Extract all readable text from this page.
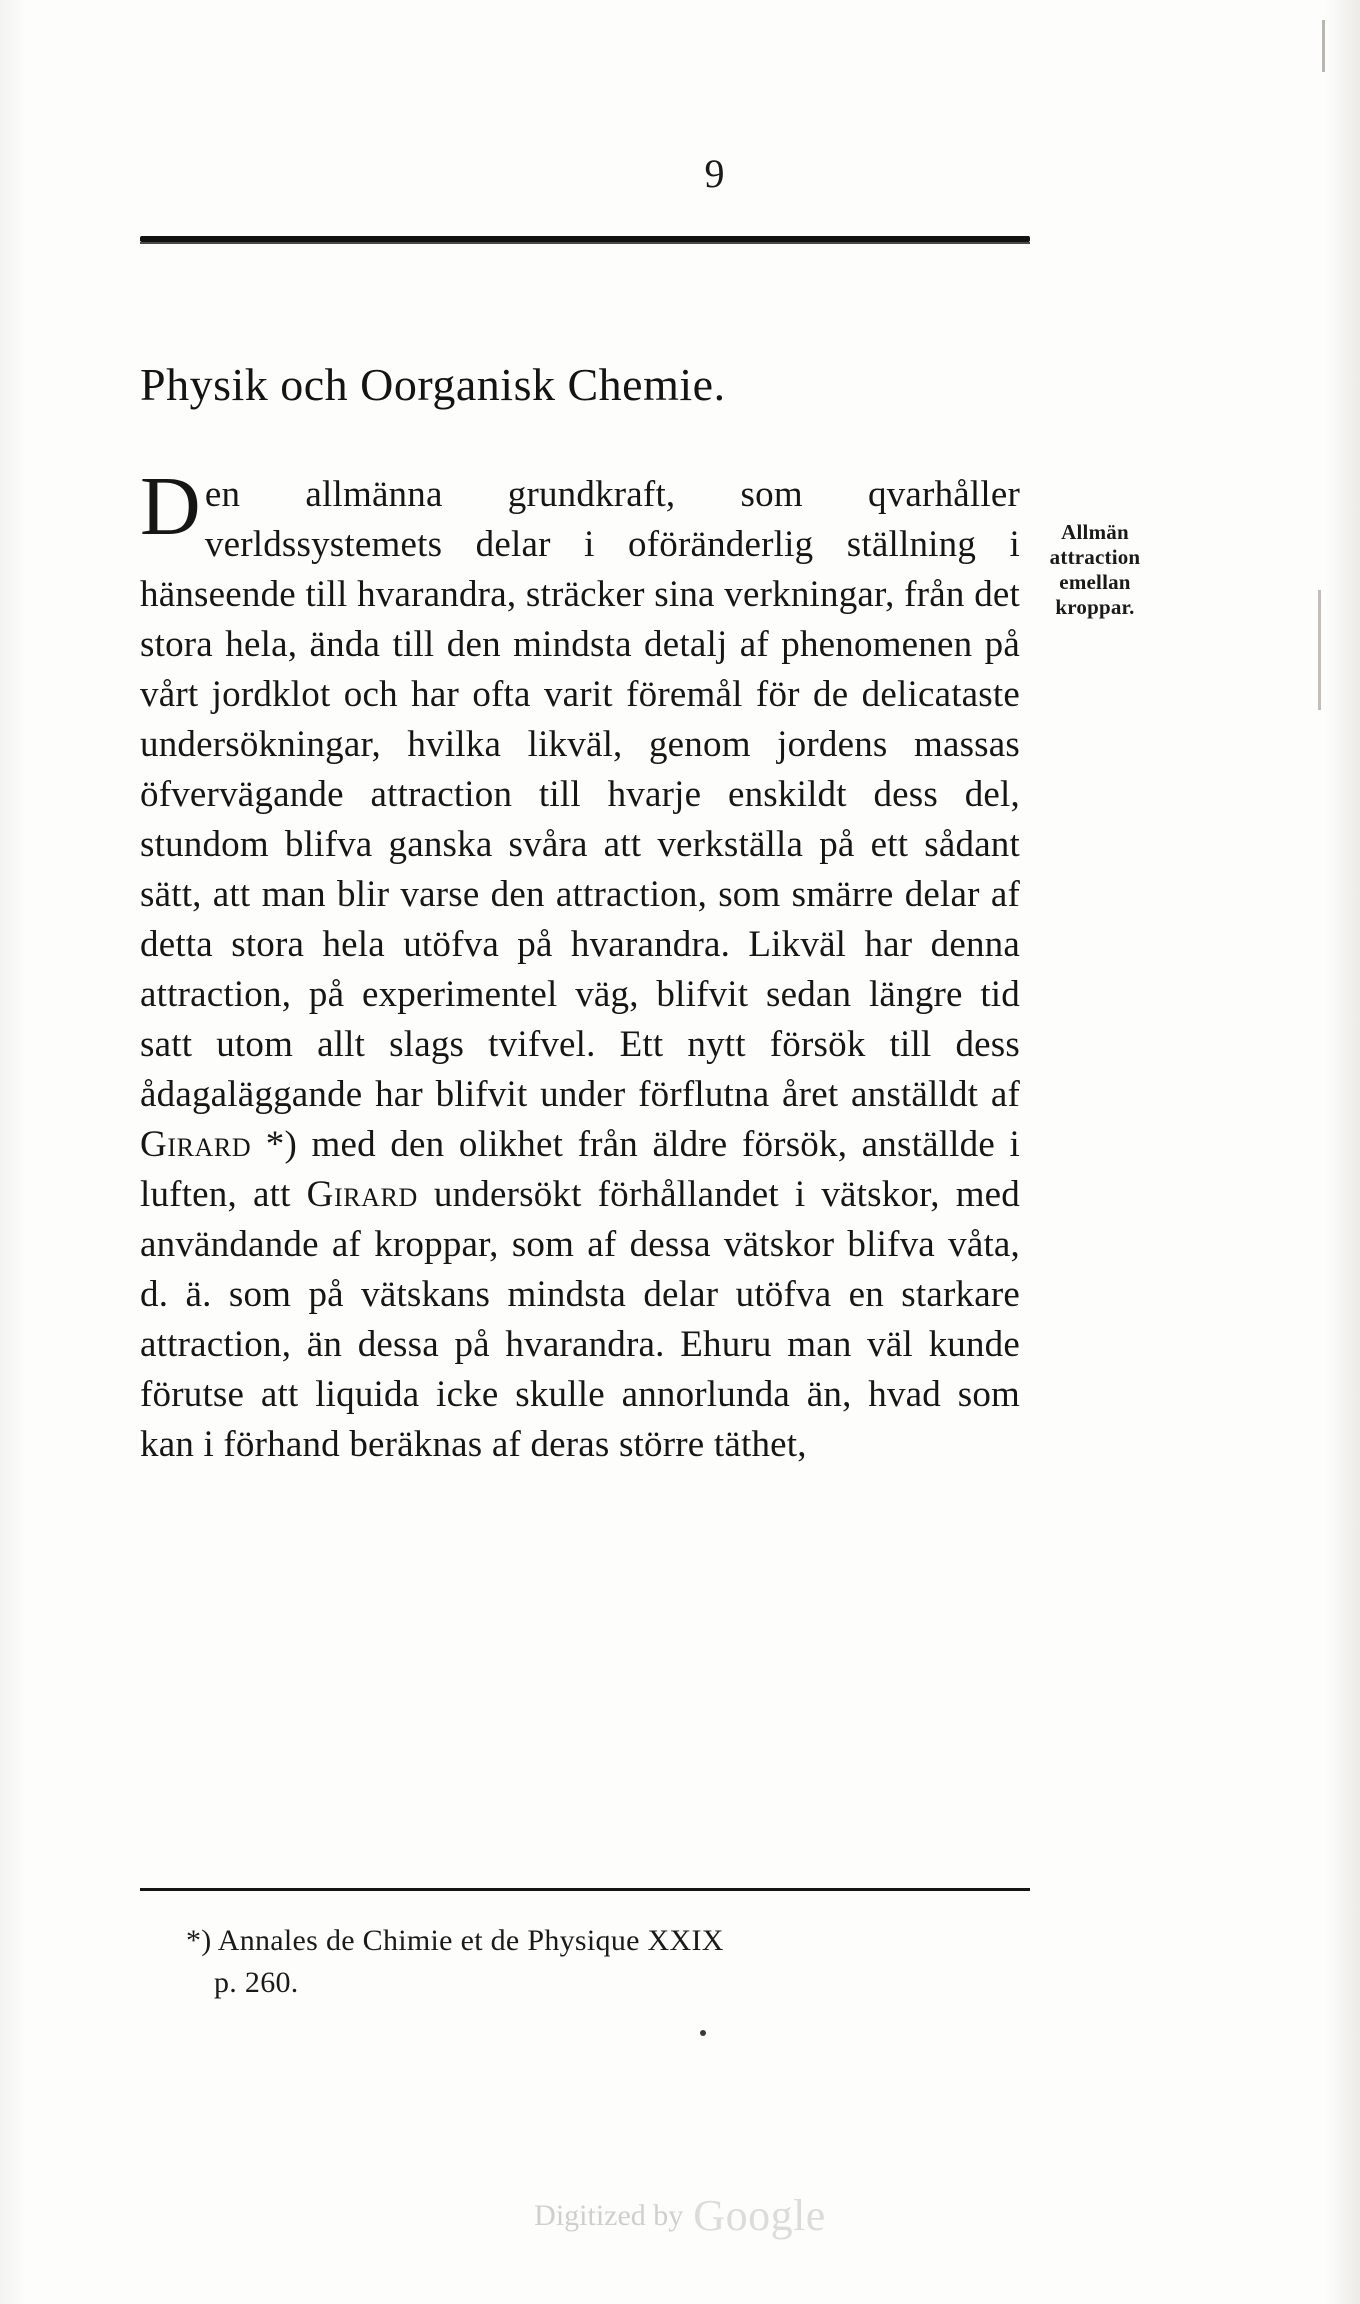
9
Physik och Oorganisk Chemie.
Den allmänna grundkraft, som qvarhåller verldssystemets delar i oföränderlig ställning i hänseende till hvarandra, sträcker sina verkningar, från det stora hela, ända till den mindsta detalj af phenomenen på vårt jordklot och har ofta varit föremål för de delicataste undersökningar, hvilka likväl, genom jordens massas öfvervägande attraction till hvarje enskildt dess del, stundom blifva ganska svåra att verkställa på ett sådant sätt, att man blir varse den attraction, som smärre delar af detta stora hela utöfva på hvarandra. Likväl har denna attraction, på experimentel väg, blifvit sedan längre tid satt utom allt slags tvifvel. Ett nytt försök till dess ådagaläggande har blifvit under förflutna året anställdt af Girard *) med den olikhet från äldre försök, anställde i luften, att Girard undersökt förhållandet i vätskor, med användande af kroppar, som af dessa vätskor blifva våta, d. ä. som på vätskans mindsta delar utöfva en starkare attraction, än dessa på hvarandra. Ehuru man väl kunde förutse att liquida icke skulle annorlunda än, hvad som kan i förhand beräknas af deras större täthet,
Allmän attraction emellan kroppar.
*) Annales de Chimie et de Physique XXIX
p. 260.
Digitized by Google
